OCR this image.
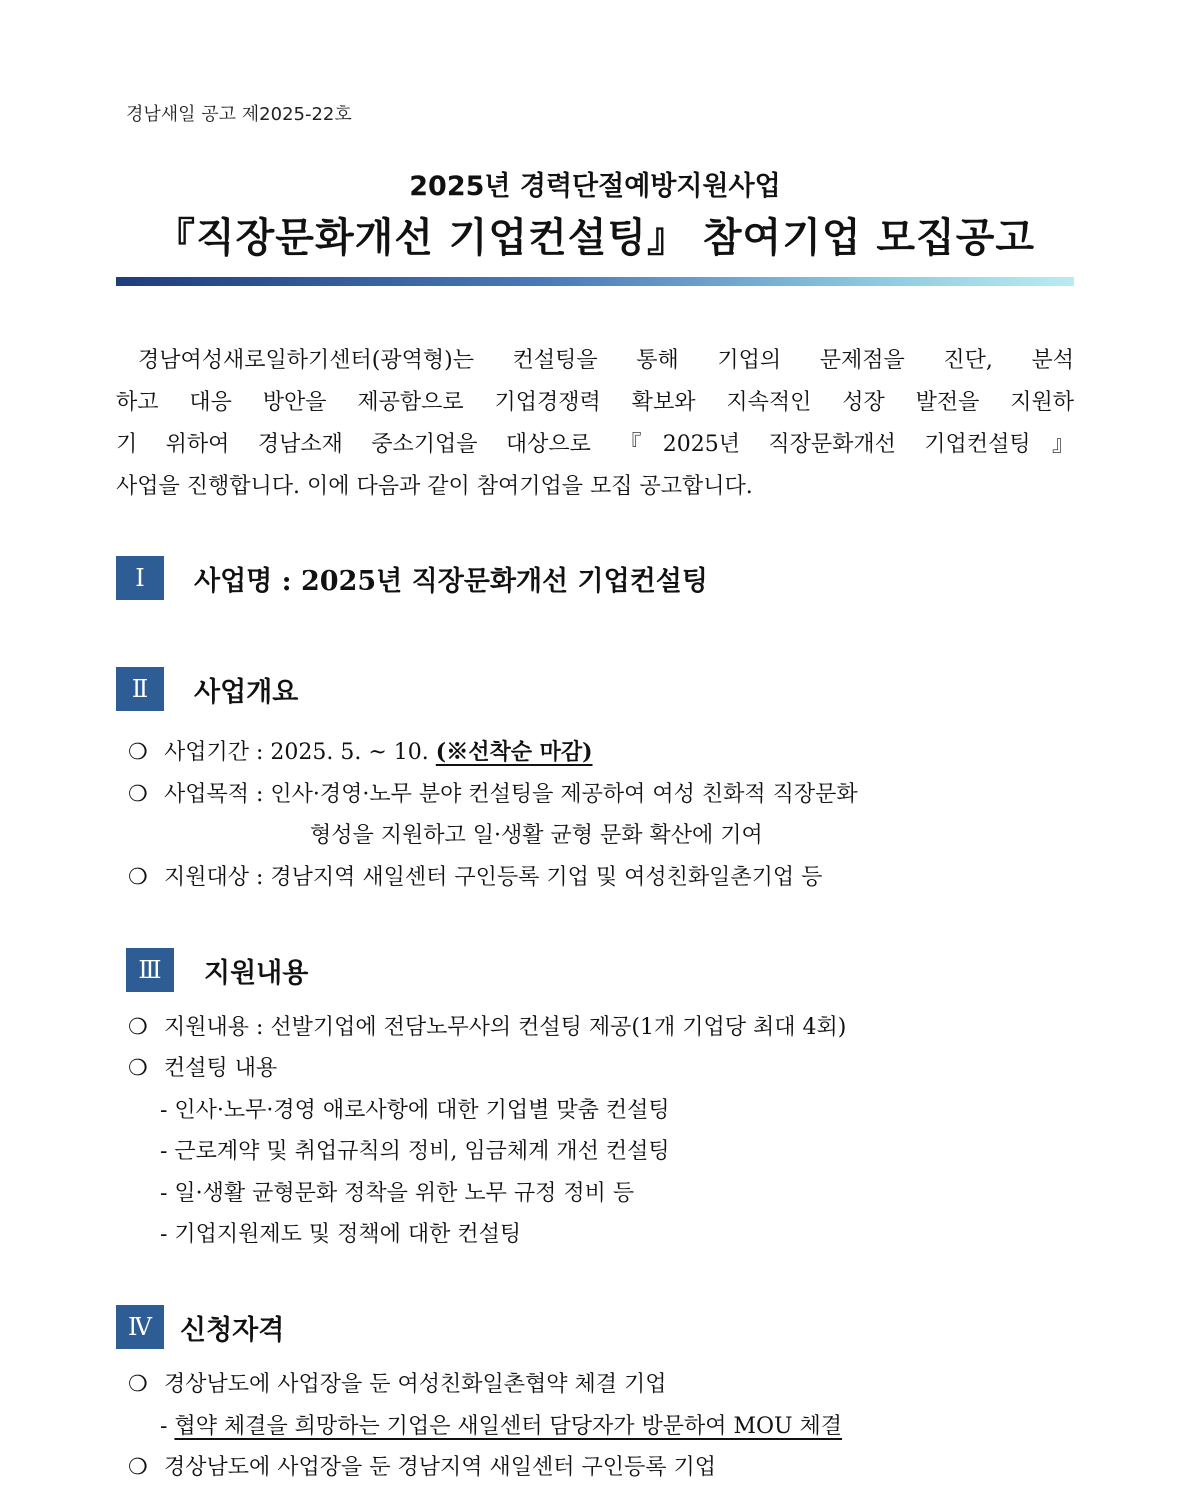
경남새일 공고 제2025-22호
2025년 경력단절예방지원사업
『직장문화개선 기업컨설팅』 참여기업 모집공고
경남여성새로일하기센터(광역형)는 컨설팅을 통해 기업의 문제점을 진단, 분석
하고 대응 방안을 제공함으로 기업경쟁력 확보와 지속적인 성장 발전을 지원하
기 위하여 경남소재 중소기업을 대상으로 『2025년 직장문화개선 기업컨설팅』
사업을 진행합니다. 이에 다음과 같이 참여기업을 모집 공고합니다.
Ⅰ	사업명 : 2025년 직장문화개선 기업컨설팅
Ⅱ	사업개요
❍ 사업기간 : 2025. 5. ~ 10. (※선착순 마감)
❍ 사업목적 : 인사·경영·노무 분야 컨설팅을 제공하여 여성 친화적 직장문화
형성을 지원하고 일·생활 균형 문화 확산에 기여
❍ 지원대상 : 경남지역 새일센터 구인등록 기업 및 여성친화일촌기업 등
Ⅲ	지원내용
❍ 지원내용 : 선발기업에 전담노무사의 컨설팅 제공(1개 기업당 최대 4회)
❍ 컨설팅 내용
- 인사·노무·경영 애로사항에 대한 기업별 맞춤 컨설팅
- 근로계약 및 취업규칙의 정비, 임금체계 개선 컨설팅
- 일·생활 균형문화 정착을 위한 노무 규정 정비 등
- 기업지원제도 및 정책에 대한 컨설팅
Ⅳ	신청자격
❍ 경상남도에 사업장을 둔 여성친화일촌협약 체결 기업
- 협약 체결을 희망하는 기업은 새일센터 담당자가 방문하여 MOU 체결
❍ 경상남도에 사업장을 둔 경남지역 새일센터 구인등록 기업
